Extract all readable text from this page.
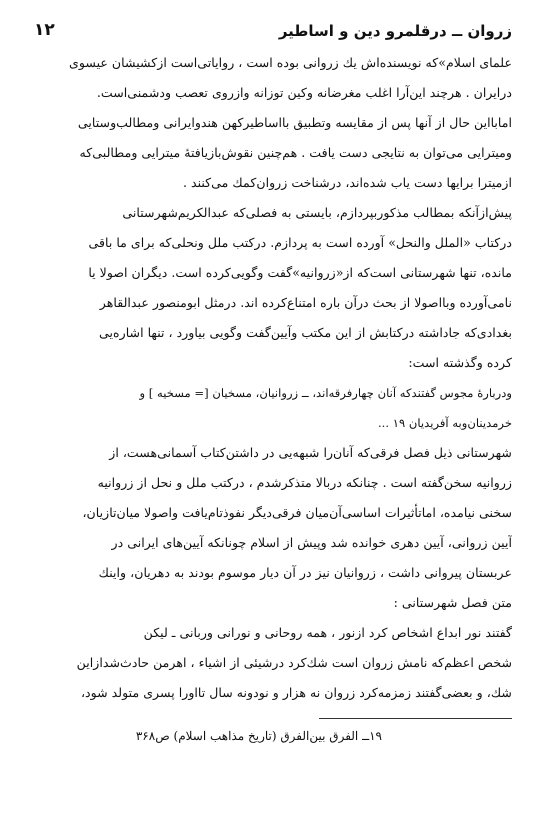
زروان ــ درقلمرو دین و اساطیر
۱۲
علمای اسلام»که نویسنده‌اش یك زروانی بوده است ، روایاتی‌است ازکشیشان عیسوی
درایران . هرچند این‌آرا اغلب مغرضانه وکین توزانه وازروی تعصب ودشمنی‌است.
امابااین حال از آنها پس از مقایسه وتطبیق بااساطیرکهن هندوایرانی ومطالب‌وستایی
ومیترایی می‌توان به نتایجی دست یافت . هم‌چنین نقوش‌بازیافتهٔ میترایی ومطالبی‌که
ازمیترا برایها دست یاب شده‌اند، درشناخت زروان‌کمك می‌کنند .
پیش‌ازآنکه بمطالب مذکوربپردازم، بایستی به فصلی‌که عبدالکریم‌شهرستانی
درکتاب «الملل والنحل» آورده است به پردازم. درکتب ملل ونحلی‌که برای ما باقی
مانده، تنها شهرستانی است‌که از«زروانیه»گفت وگویی‌کرده است. دیگران اصولا یا
نامی‌آورده وبااصولا از بحث درآن باره امتناع‌کرده اند. درمثل ابومنصور عبدالقاهر
بغدادی‌که جاداشته درکتابش از این مکتب وآیین‌گفت وگویی بیاورد ، تنها اشاره‌یی
کرده وگذشته است:
ودربارهٔ مجوس گفتندکه آنان چهارفرقه‌اند، ــ زروانیان، مسخیان [= مسخیه ] و
خرمدینان‌وبه آفریدیان ۱۹ ...
شهرستانی ذیل فصل فرقی‌که آنان‌را شبهه‌یی در داشتن‌کتاب آسمانی‌هست، از
زروانیه سخن‌گفته است . چنانکه دربالا متذکرشدم ، درکتب ملل و نحل از زروانیه
سخنی نیامده، اماتأثیرات اساسی‌آن‌میان فرقی‌دیگر نفوذتام‌یافت واصولا میان‌تازیان،
آیین زروانی، آیین دهری خوانده شد وپیش از اسلام چونانکه آیین‌های ایرانی در
عربستان پیروانی داشت ، زروانیان نیز در آن دیار موسوم بودند به دهریان، واینك
متن فصل شهرستانی :
گفتند نور ابداع اشخاص کرد ازنور ، همه روحانی و نورانی وربانی ـ لیکن
شخص اعظم‌که نامش زروان است شك‌کرد درشیئی از اشیاء ، اهرمن حادث‌شدازاین
شك، و بعضی‌گفتند زمزمه‌کرد زروان نه هزار و نودونه سال تااورا پسری متولد شود،
۱۹ــ الفرق بین‌الفرق (تاریخ مذاهب اسلام) ص۳۶۸
